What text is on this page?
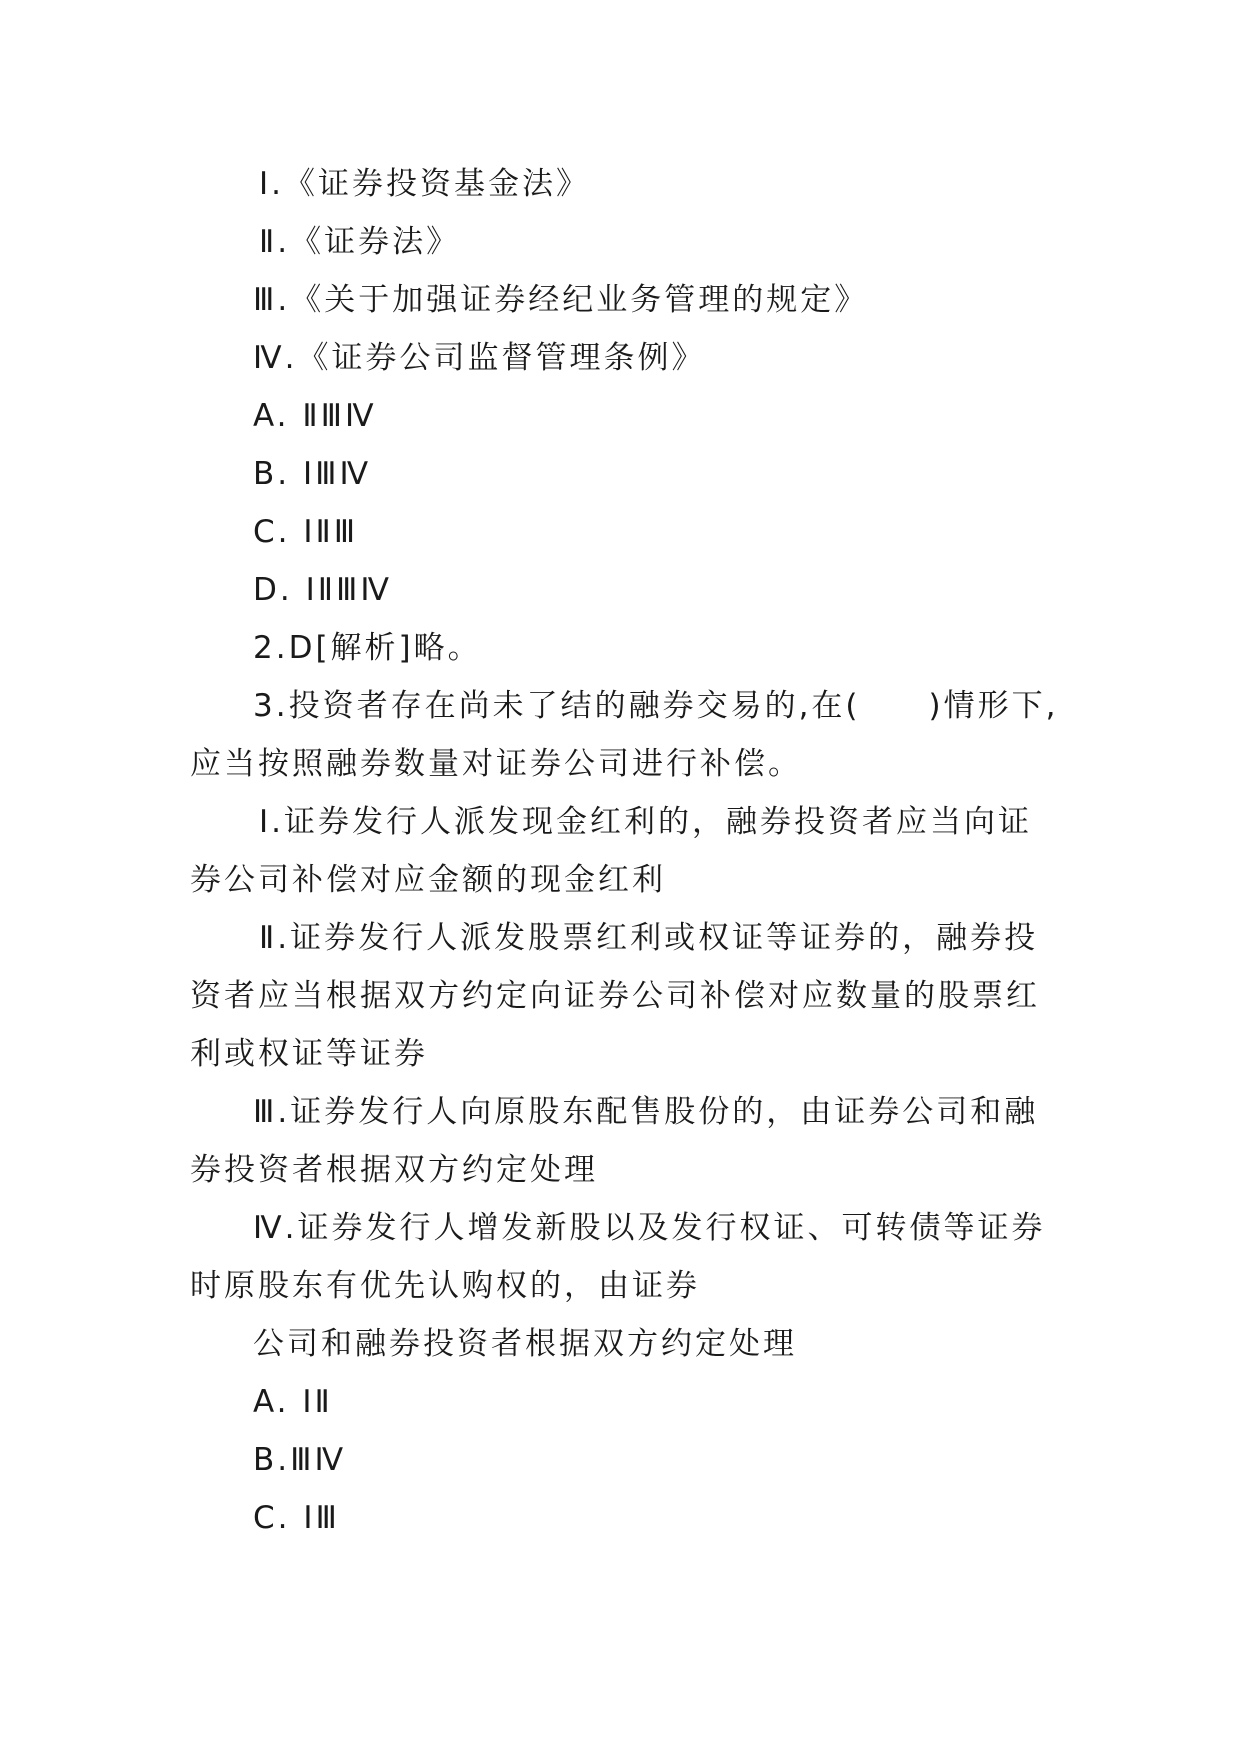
Ⅰ.《证券投资基金法》
Ⅱ.《证券法》
Ⅲ.《关于加强证券经纪业务管理的规定》
Ⅳ.《证券公司监督管理条例》
A. ⅡⅢⅣ
B. ⅠⅢⅣ
C. ⅠⅡⅢ
D. ⅠⅡⅢⅣ
2.D[解析]略。
3.投资者存在尚未了结的融券交易的,在(　　)情形下,
应当按照融券数量对证券公司进行补偿。
Ⅰ.证券发行人派发现金红利的，融券投资者应当向证
券公司补偿对应金额的现金红利
Ⅱ.证券发行人派发股票红利或权证等证券的，融券投
资者应当根据双方约定向证券公司补偿对应数量的股票红
利或权证等证券
Ⅲ.证券发行人向原股东配售股份的，由证券公司和融
券投资者根据双方约定处理
Ⅳ.证券发行人增发新股以及发行权证、可转债等证券
时原股东有优先认购权的，由证券
公司和融券投资者根据双方约定处理
A. ⅠⅡ
B.ⅢⅣ
C. ⅠⅢ
